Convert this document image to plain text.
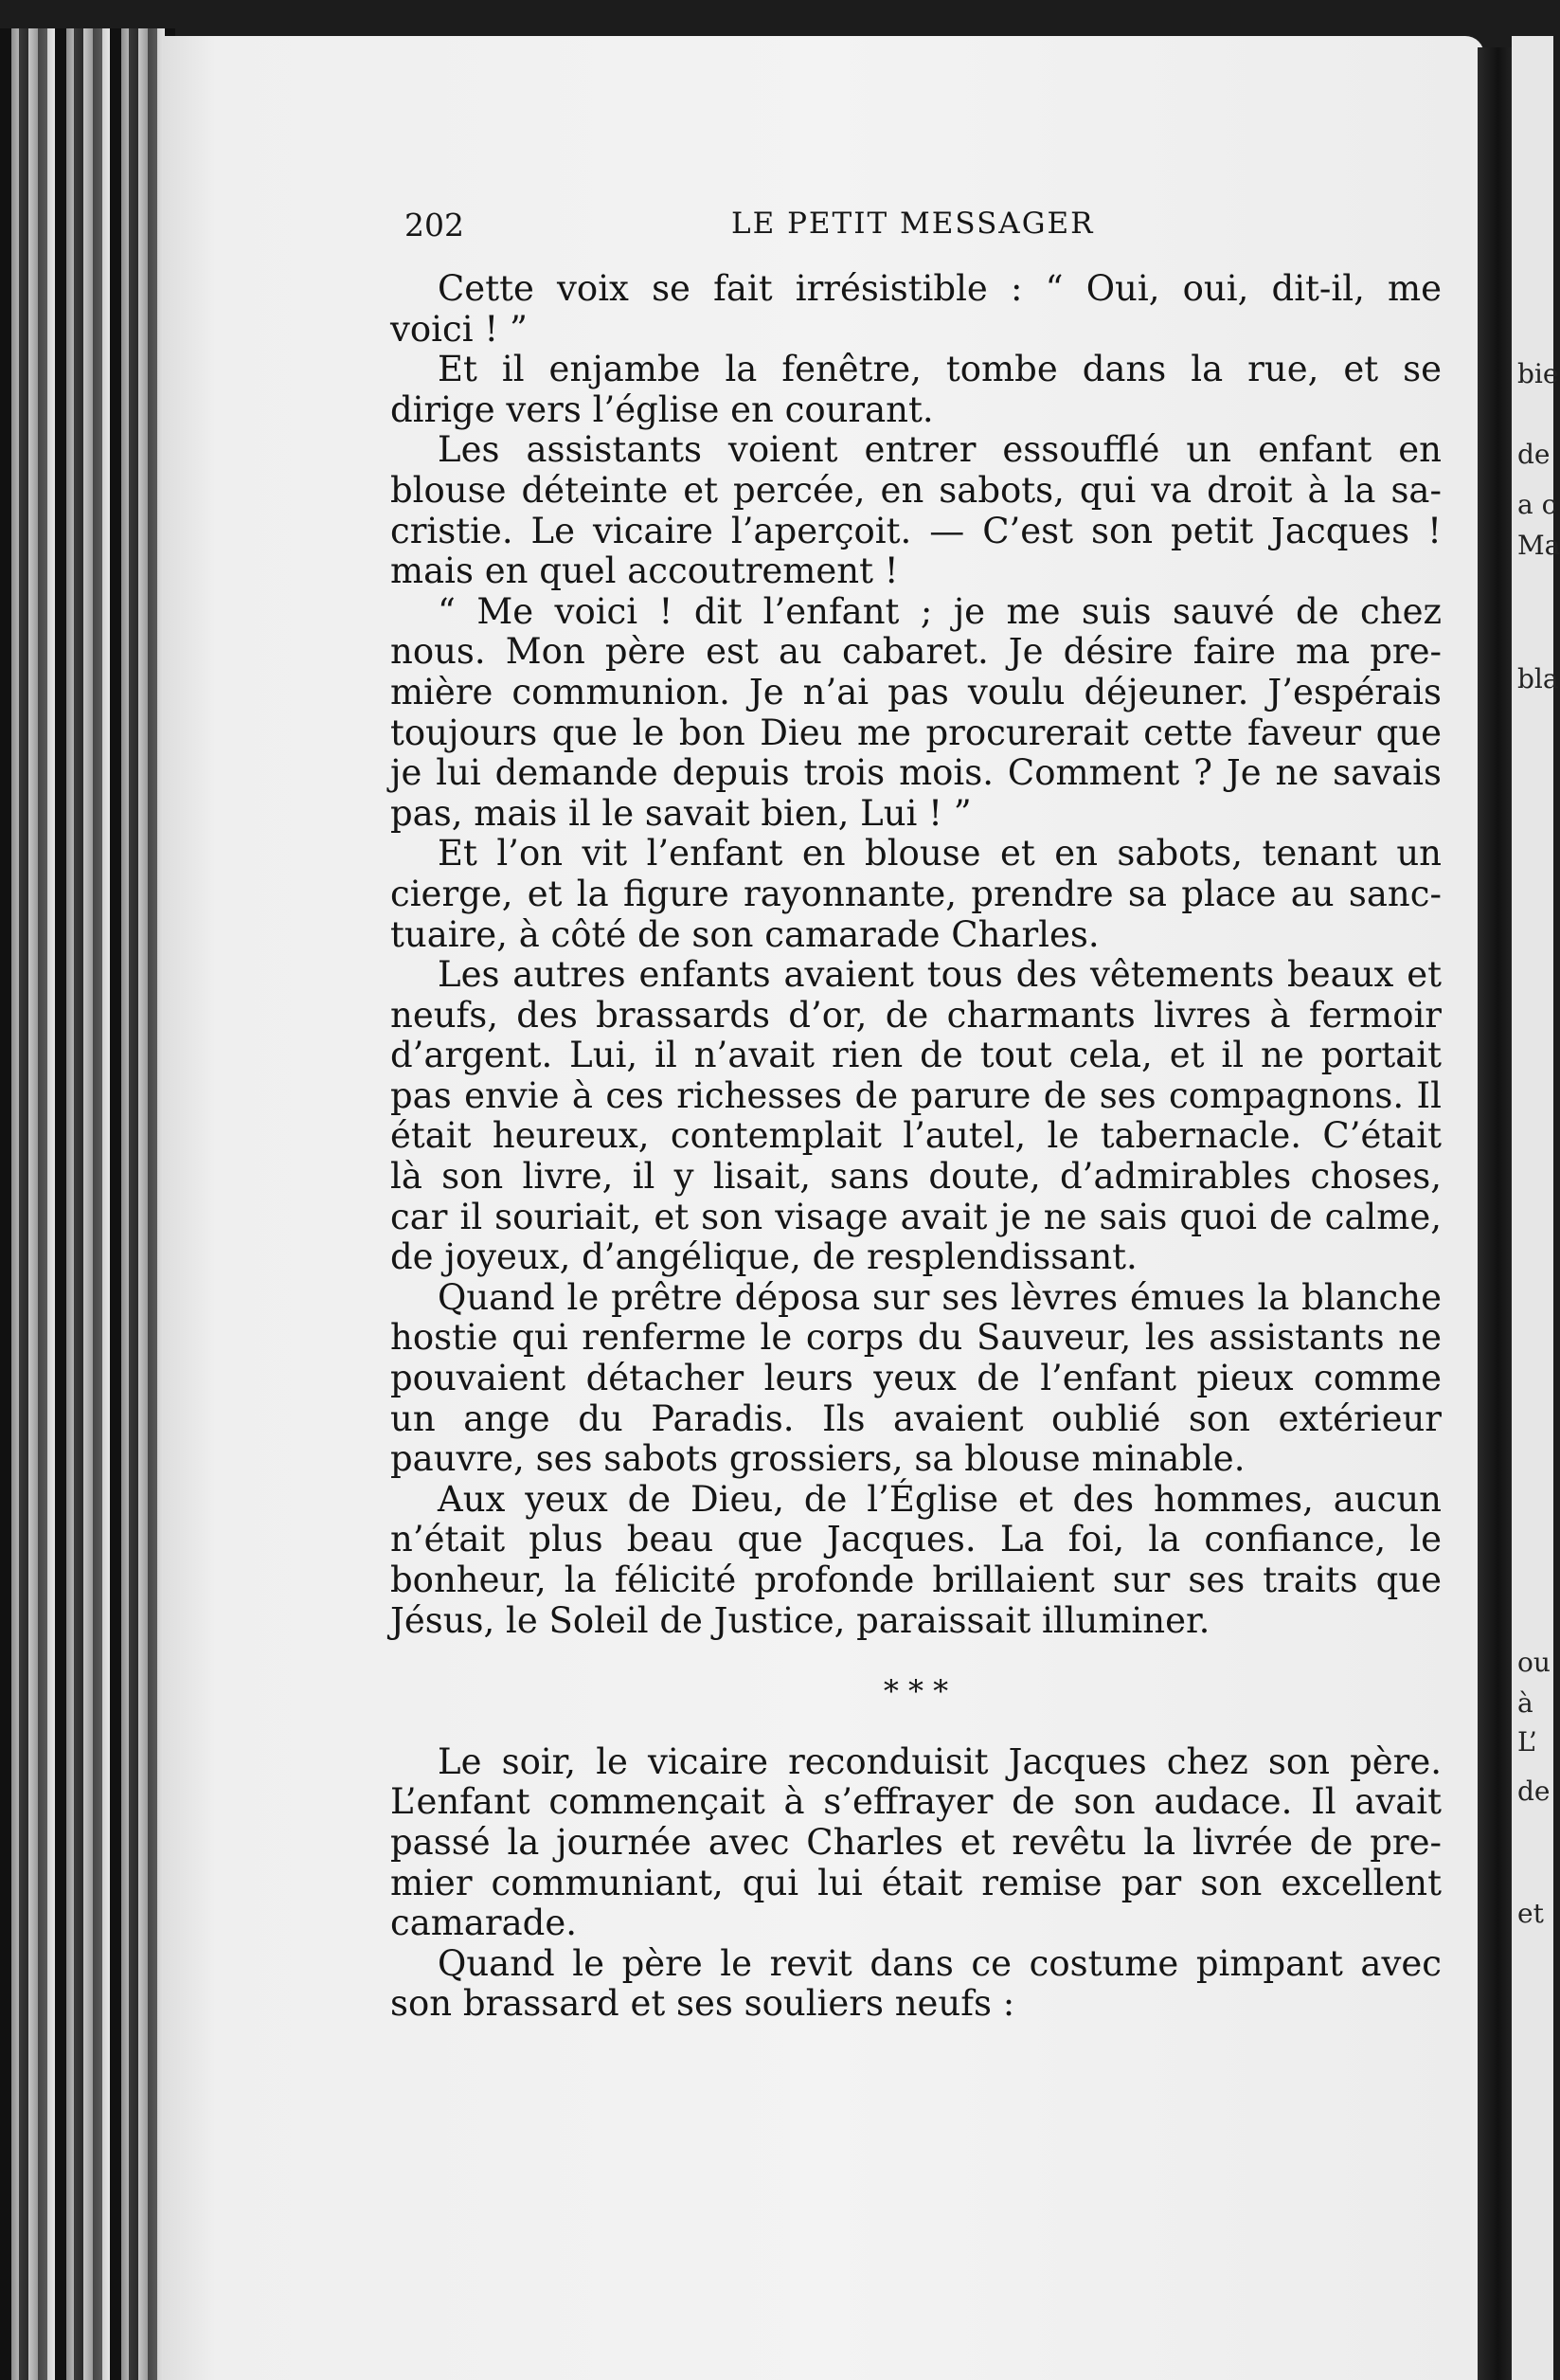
bie
de
a c
Ma
bla
ou
à
L’
de
et
202	LE PETIT MESSAGER
Cette voix se fait irrésistible : “ Oui, oui, dit-il, me
voici ! ”
Et il enjambe la fenêtre, tombe dans la rue, et se
dirige vers l’église en courant.
Les assistants voient entrer essoufflé un enfant en
blouse déteinte et percée, en sabots, qui va droit à la sa-
cristie. Le vicaire l’aperçoit. — C’est son petit Jacques !
mais en quel accoutrement !
“ Me voici ! dit l’enfant ; je me suis sauvé de chez
nous. Mon père est au cabaret. Je désire faire ma pre-
mière communion. Je n’ai pas voulu déjeuner. J’espérais
toujours que le bon Dieu me procurerait cette faveur que
je lui demande depuis trois mois. Comment ? Je ne savais
pas, mais il le savait bien, Lui ! ”
Et l’on vit l’enfant en blouse et en sabots, tenant un
cierge, et la figure rayonnante, prendre sa place au sanc-
tuaire, à côté de son camarade Charles.
Les autres enfants avaient tous des vêtements beaux et
neufs, des brassards d’or, de charmants livres à fermoir
d’argent. Lui, il n’avait rien de tout cela, et il ne portait
pas envie à ces richesses de parure de ses compagnons. Il
était heureux, contemplait l’autel, le tabernacle. C’était
là son livre, il y lisait, sans doute, d’admirables choses,
car il souriait, et son visage avait je ne sais quoi de calme,
de joyeux, d’angélique, de resplendissant.
Quand le prêtre déposa sur ses lèvres émues la blanche
hostie qui renferme le corps du Sauveur, les assistants ne
pouvaient détacher leurs yeux de l’enfant pieux comme
un ange du Paradis. Ils avaient oublié son extérieur
pauvre, ses sabots grossiers, sa blouse minable.
Aux yeux de Dieu, de l’Église et des hommes, aucun
n’était plus beau que Jacques. La foi, la confiance, le
bonheur, la félicité profonde brillaient sur ses traits que
Jésus, le Soleil de Justice, paraissait illuminer.
* * *
Le soir, le vicaire reconduisit Jacques chez son père.
L’enfant commençait à s’effrayer de son audace. Il avait
passé la journée avec Charles et revêtu la livrée de pre-
mier communiant, qui lui était remise par son excellent
camarade.
Quand le père le revit dans ce costume pimpant avec
son brassard et ses souliers neufs :
